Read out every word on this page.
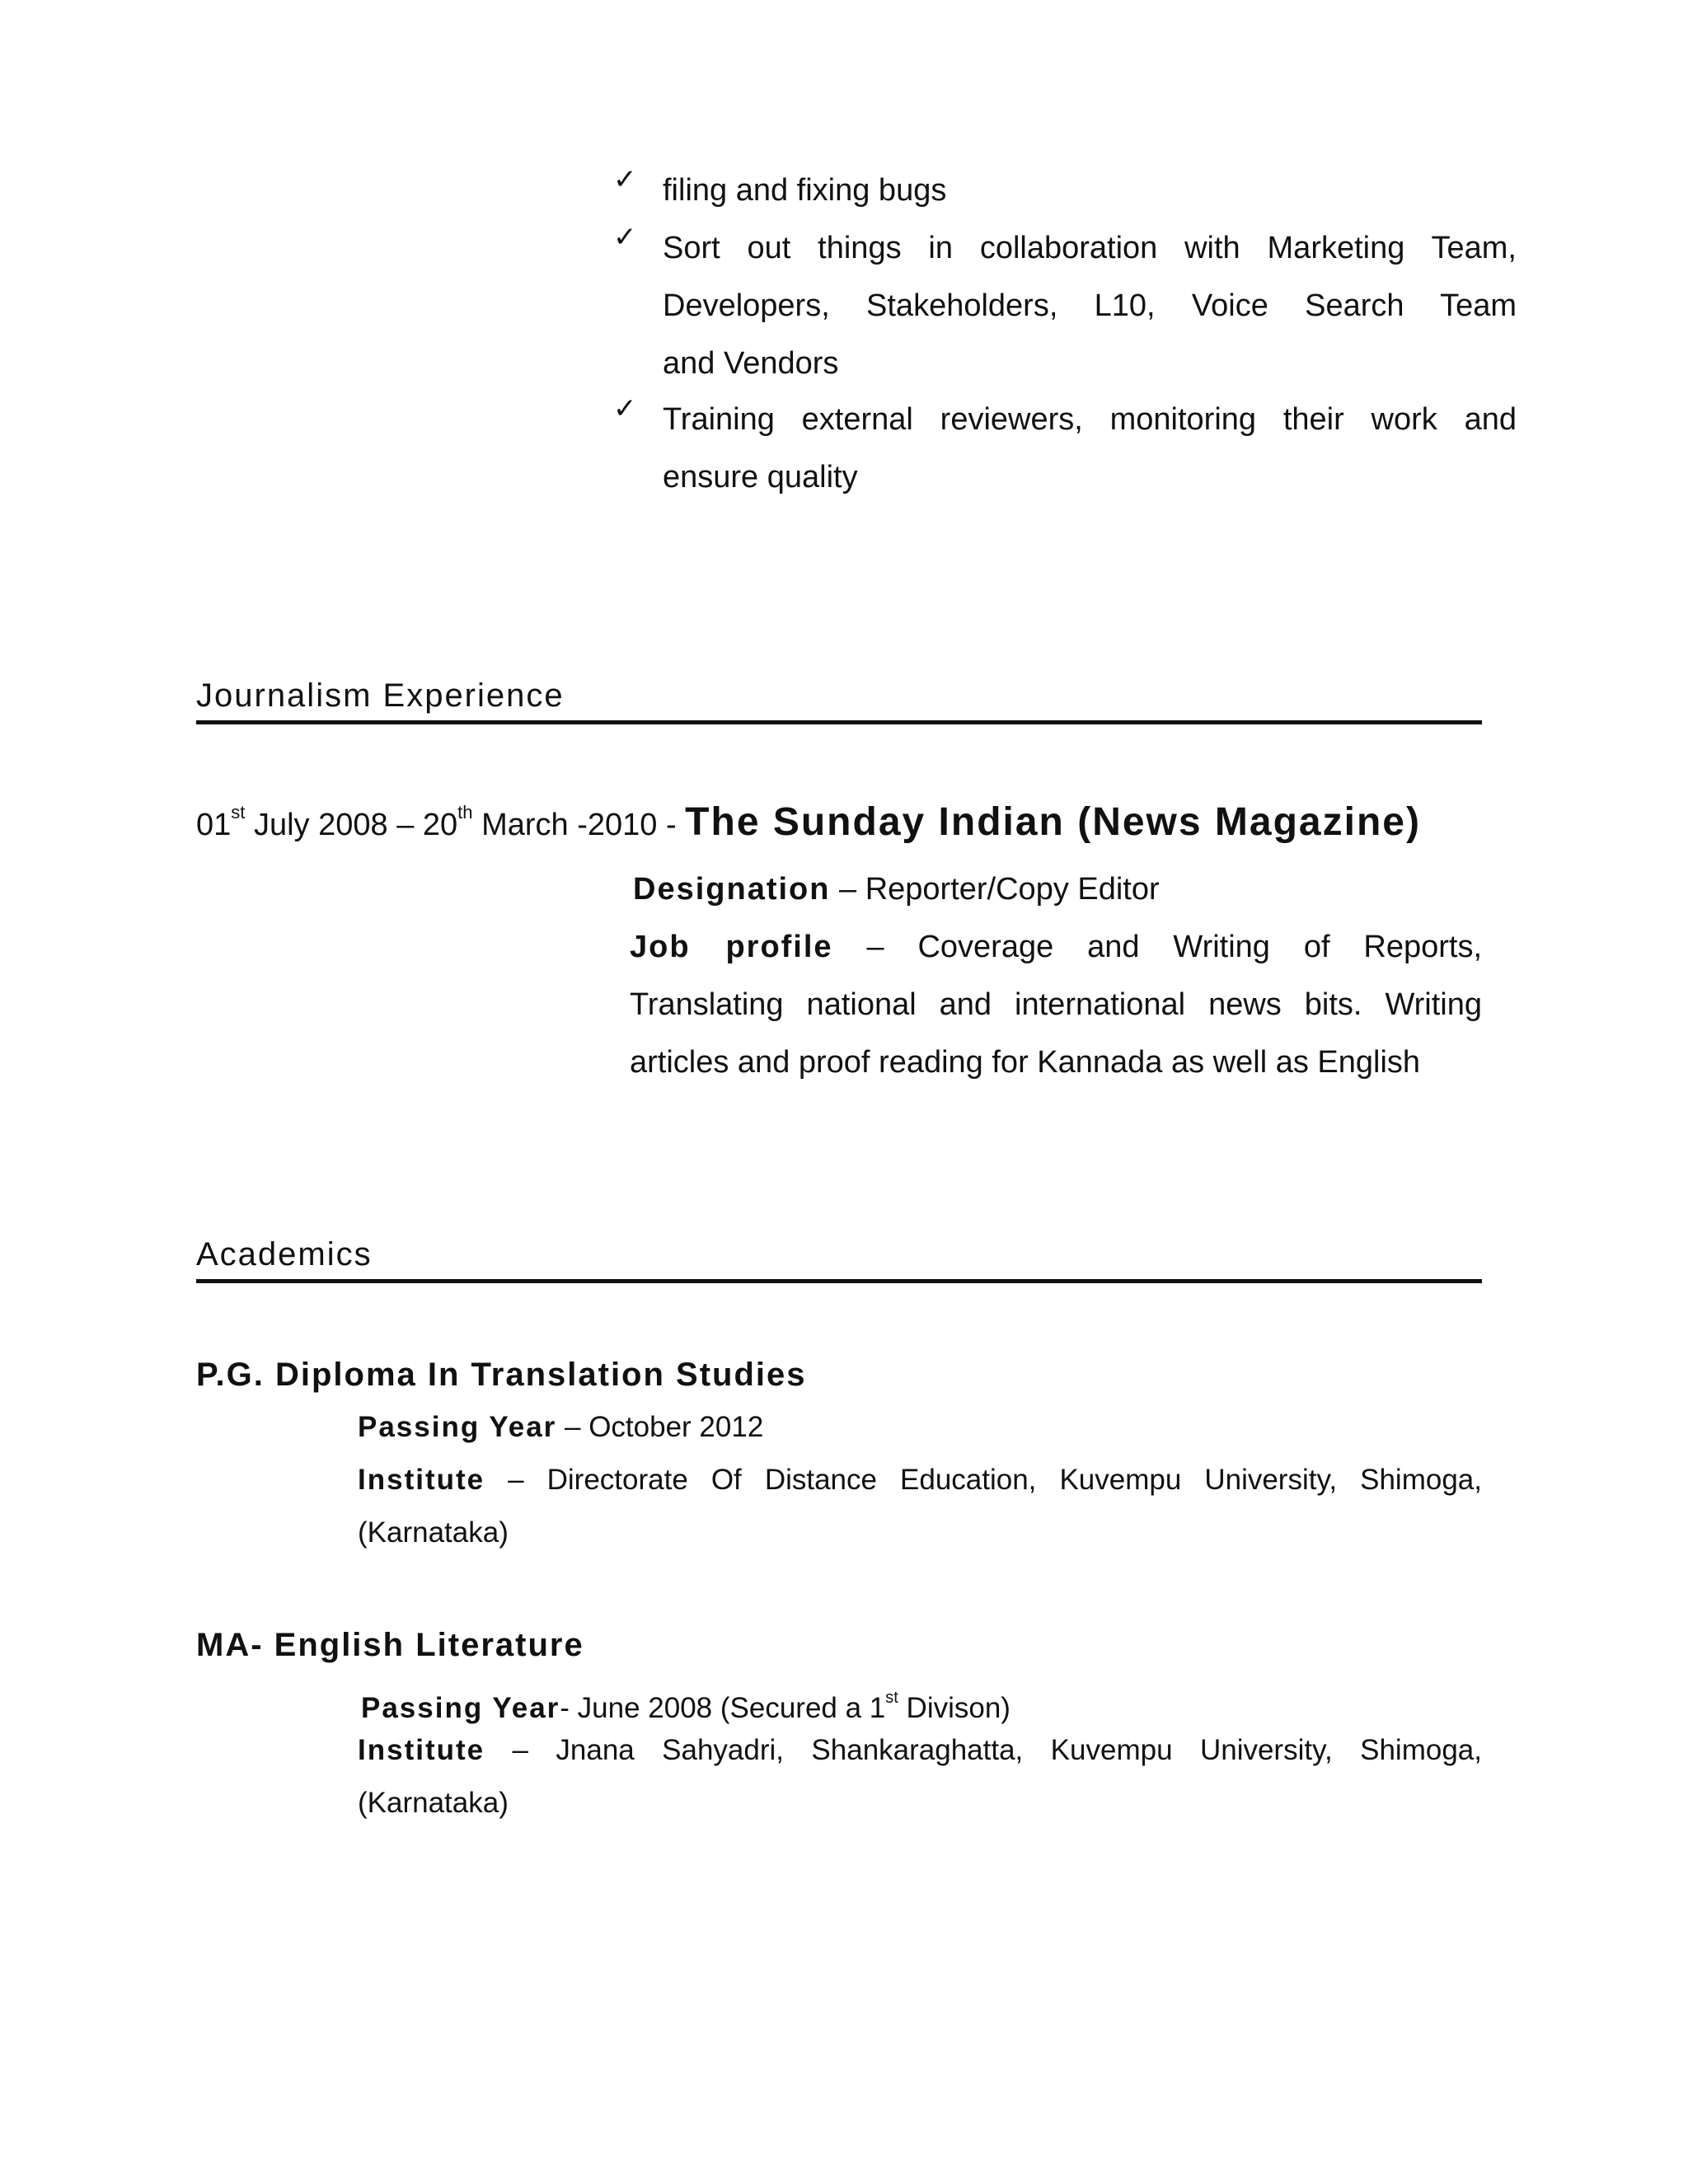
✓ filing and fixing bugs
✓ Sort out things in collaboration with Marketing Team,
Developers, Stakeholders, L10, Voice Search Team
and Vendors
✓ Training external reviewers, monitoring their work and
ensure quality
Journalism Experience
01st July 2008 – 20th March -2010 - The Sunday Indian (News Magazine)
Designation – Reporter/Copy Editor
Job profile – Coverage and Writing of Reports,
Translating national and international news bits. Writing
articles and proof reading for Kannada as well as English
Academics
P.G. Diploma In Translation Studies
Passing Year – October 2012
Institute – Directorate Of Distance Education, Kuvempu University, Shimoga,
(Karnataka)
MA- English Literature
Passing Year- June 2008 (Secured a 1st Divison)
Institute – Jnana Sahyadri, Shankaraghatta, Kuvempu University, Shimoga,
(Karnataka)
